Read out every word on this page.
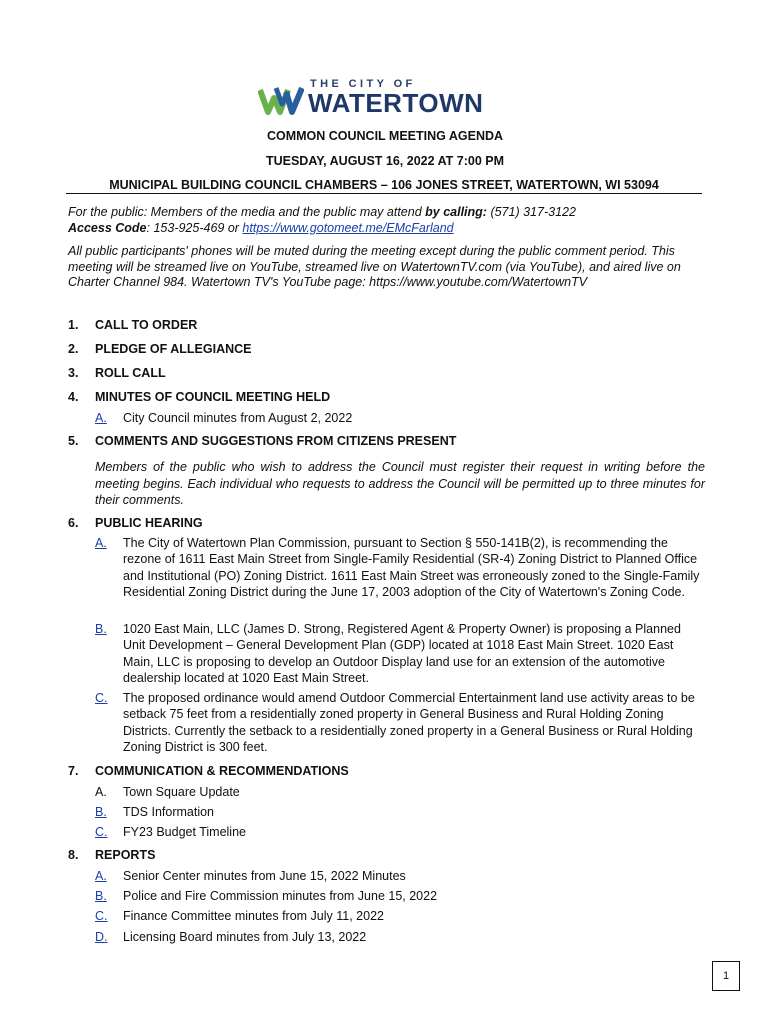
THE CITY OF
WATERTOWN
COMMON COUNCIL MEETING AGENDA
TUESDAY, AUGUST 16, 2022 AT 7:00 PM
MUNICIPAL BUILDING COUNCIL CHAMBERS – 106 JONES STREET, WATERTOWN, WI 53094
For the public: Members of the media and the public may attend by calling: (571) 317-3122
Access Code: 153-925-469 or https://www.gotomeet.me/EMcFarland
All public participants' phones will be muted during the meeting except during the public comment period. This meeting will be streamed live on YouTube, streamed live on WatertownTV.com (via YouTube), and aired live on Charter Channel 984. Watertown TV's YouTube page: https://www.youtube.com/WatertownTV
1.	CALL TO ORDER
2.	PLEDGE OF ALLEGIANCE
3.	ROLL CALL
4.	MINUTES OF COUNCIL MEETING HELD
A.	City Council minutes from August 2, 2022
5.	COMMENTS AND SUGGESTIONS FROM CITIZENS PRESENT
Members of the public who wish to address the Council must register their request in writing before the meeting begins. Each individual who requests to address the Council will be permitted up to three minutes for their comments.
6.	PUBLIC HEARING
A.	The City of Watertown Plan Commission, pursuant to Section § 550-141B(2), is recommending the rezone of 1611 East Main Street from Single-Family Residential (SR-4) Zoning District to Planned Office and Institutional (PO) Zoning District. 1611 East Main Street was erroneously zoned to the Single-Family Residential Zoning District during the June 17, 2003 adoption of the City of Watertown's Zoning Code.
B.	1020 East Main, LLC (James D. Strong, Registered Agent & Property Owner) is proposing a Planned Unit Development – General Development Plan (GDP) located at 1018 East Main Street. 1020 East Main, LLC is proposing to develop an Outdoor Display land use for an extension of the automotive dealership located at 1020 East Main Street.
C.	The proposed ordinance would amend Outdoor Commercial Entertainment land use activity areas to be setback 75 feet from a residentially zoned property in General Business and Rural Holding Zoning Districts. Currently the setback to a residentially zoned property in a General Business or Rural Holding Zoning District is 300 feet.
7.	COMMUNICATION & RECOMMENDATIONS
A.	Town Square Update
B.	TDS Information
C.	FY23 Budget Timeline
8.	REPORTS
A.	Senior Center minutes from June 15, 2022 Minutes
B.	Police and Fire Commission minutes from June 15, 2022
C.	Finance Committee minutes from July 11, 2022
D.	Licensing Board minutes from July 13, 2022
1
